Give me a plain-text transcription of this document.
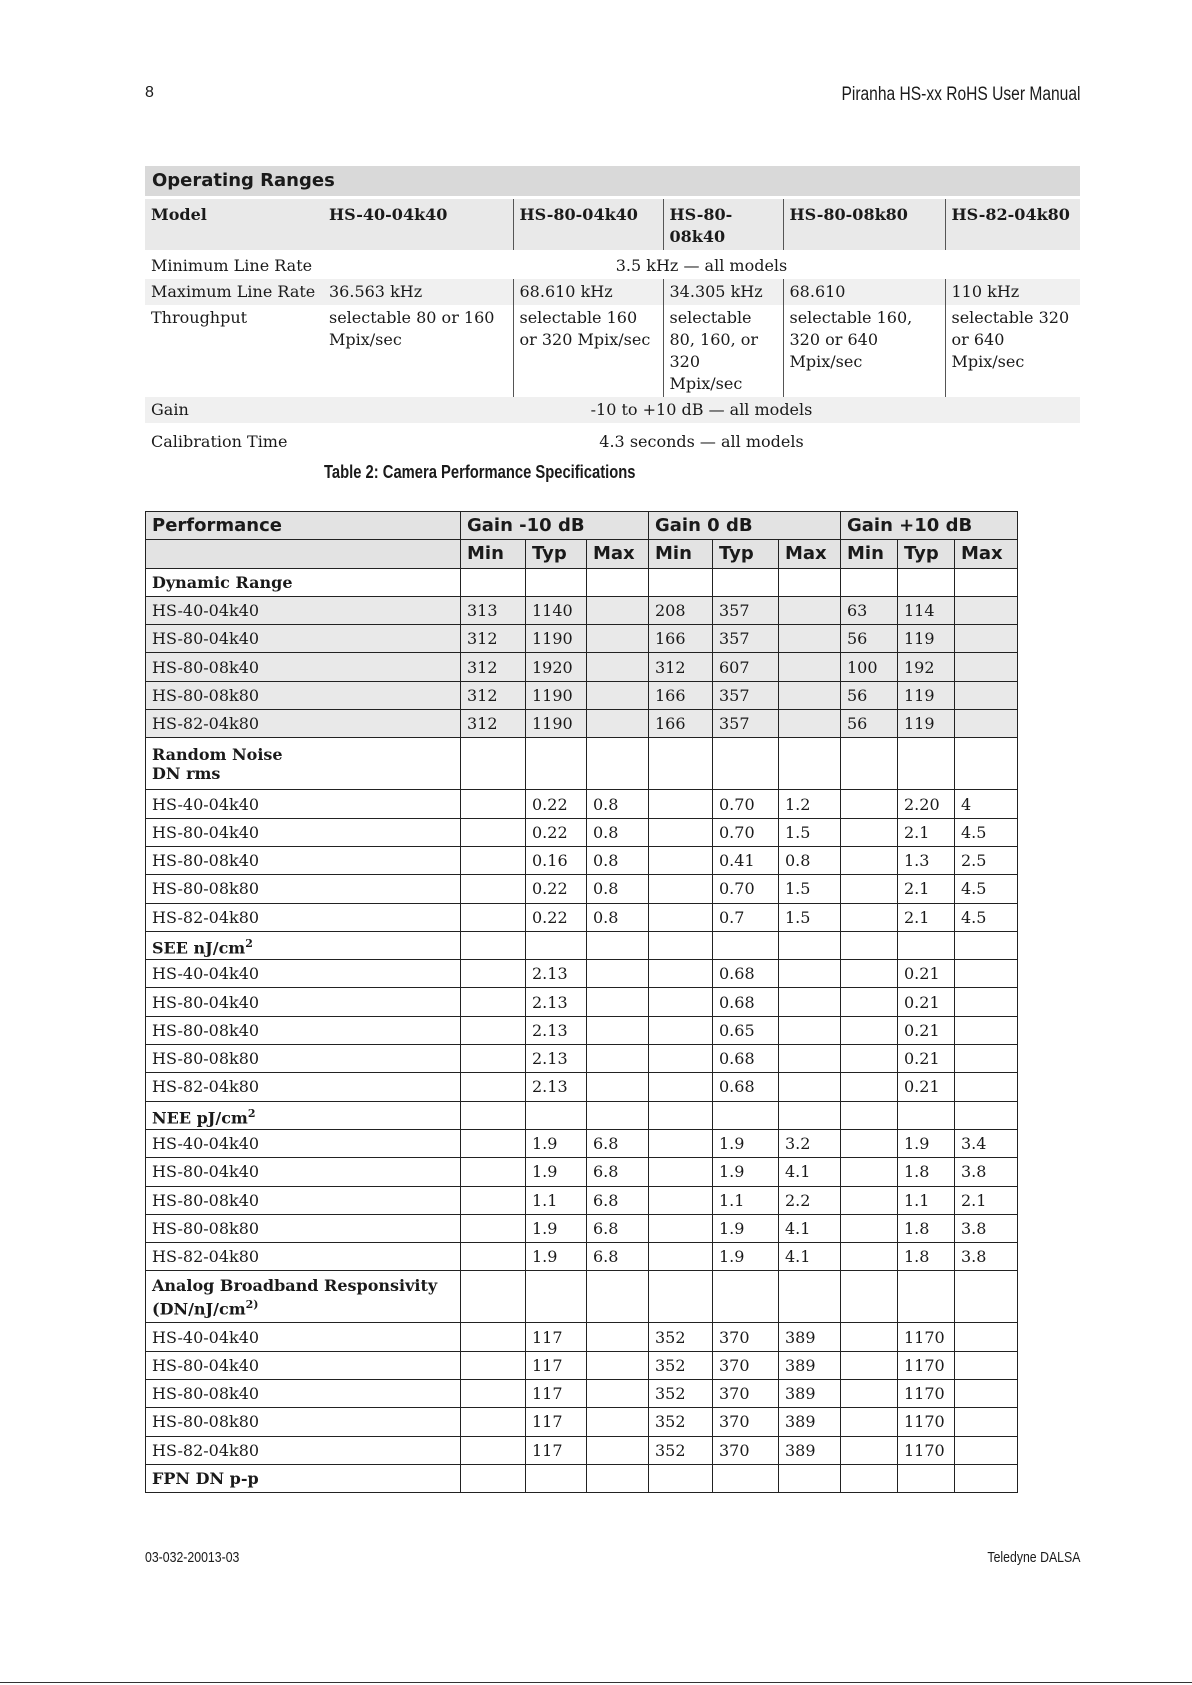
8	Piranha HS-xx RoHS User Manual
Operating Ranges

Model	HS-40-04k40	HS-80-04k40	HS-80-08k40	HS-80-08k80	HS-82-04k80

Minimum Line Rate	3.5 kHz — all models				
Maximum Line Rate	36.563 kHz	68.610 kHz	34.305 kHz	68.610	110 kHz
Throughput	selectable 80 or 160 Mpix/sec	selectable 160 or 320 Mpix/sec	selectable 80, 160, or 320 Mpix/sec	selectable 160, 320 or 640 Mpix/sec	selectable 320 or 640 Mpix/sec
Gain	-10 to +10 dB — all models				
Calibration Time	4.3 seconds — all models				
Table 2: Camera Performance Specifications
Performance	Gain -10 dB			Gain 0 dB			Gain +10 dB		
	Min	Typ	Max	Min	Typ	Max	Min	Typ	Max
Dynamic Range									
HS-40-04k40	313	1140		208	357		63	114	
HS-80-04k40	312	1190		166	357		56	119	
HS-80-08k40	312	1920		312	607		100	192	
HS-80-08k80	312	1190		166	357		56	119	
HS-82-04k80	312	1190		166	357		56	119	
Random Noise
DN rms									
HS-40-04k40		0.22	0.8		0.70	1.2		2.20	4
HS-80-04k40		0.22	0.8		0.70	1.5		2.1	4.5
HS-80-08k40		0.16	0.8		0.41	0.8		1.3	2.5
HS-80-08k80		0.22	0.8		0.70	1.5		2.1	4.5
HS-82-04k80		0.22	0.8		0.7	1.5		2.1	4.5
SEE $nJ/cm^2$									
HS-40-04k40		2.13			0.68			0.21	
HS-80-04k40		2.13			0.68			0.21	
HS-80-08k40		2.13			0.65			0.21	
HS-80-08k80		2.13			0.68			0.21	
HS-82-04k80		2.13			0.68			0.21	
NEE $pJ/cm^2$									
HS-40-04k40		1.9	6.8		1.9	3.2		1.9	3.4
HS-80-04k40		1.9	6.8		1.9	4.1		1.8	3.8
HS-80-08k40		1.1	6.8		1.1	2.2		1.1	2.1
HS-80-08k80		1.9	6.8		1.9	4.1		1.8	3.8
HS-82-04k80		1.9	6.8		1.9	4.1		1.8	3.8
Analog Broadband Responsivity
($DN/nJ/cm^{2)}$									
HS-40-04k40		117		352	370	389		1170	
HS-80-04k40		117		352	370	389		1170	
HS-80-08k40		117		352	370	389		1170	
HS-80-08k80		117		352	370	389		1170	
HS-82-04k80		117		352	370	389		1170	
FPN DN p-p									
03-032-20013-03	Teledyne DALSA
